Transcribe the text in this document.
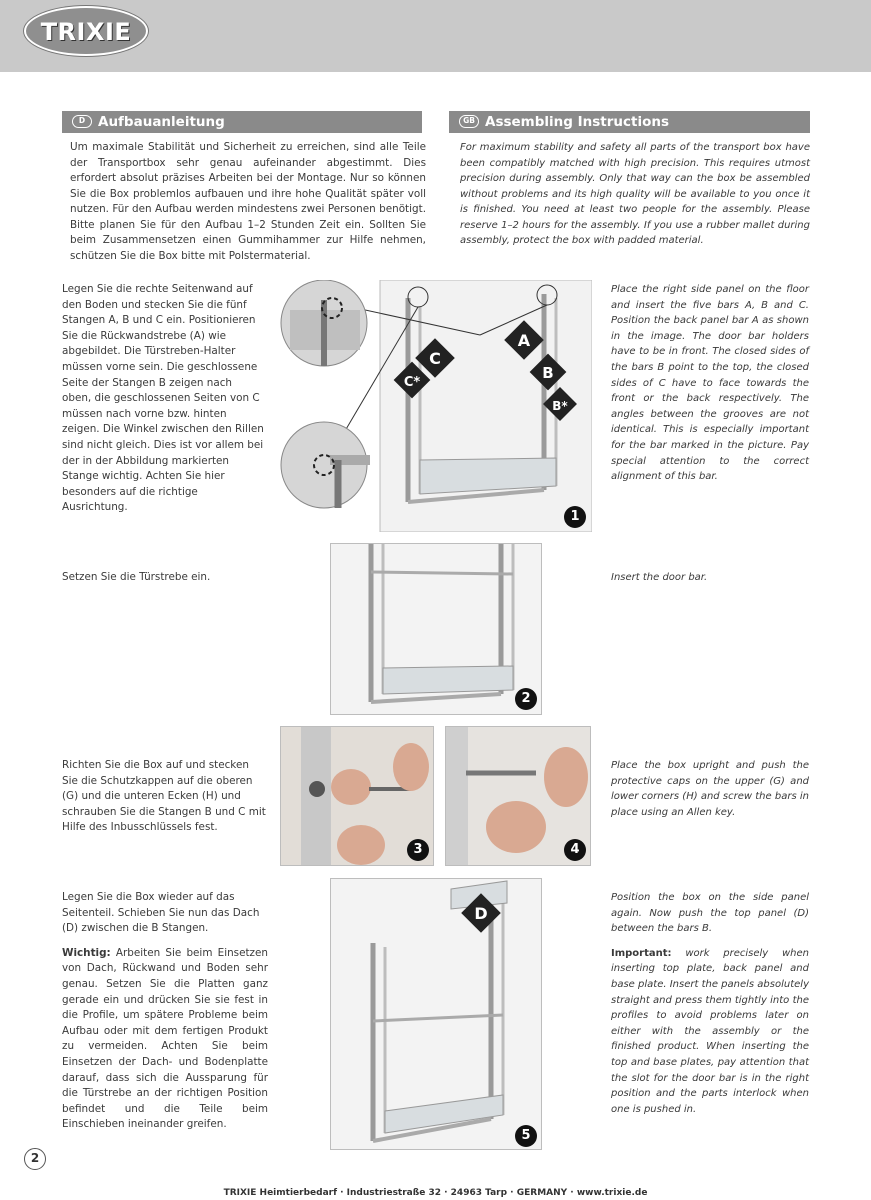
TRIXIE
D Aufbauanleitung	GB Assembling Instructions
Um maximale Stabilität und Sicherheit zu erreichen, sind alle Teile der Transportbox sehr genau aufeinander abgestimmt. Dies erfordert absolut präzises Arbeiten bei der Montage. Nur so können Sie die Box problemlos aufbauen und ihre hohe Qualität später voll nutzen. Für den Aufbau werden mindestens zwei Personen benötigt. Bitte planen Sie für den Aufbau 1–2 Stunden Zeit ein. Sollten Sie beim Zusammensetzen einen Gummihammer zur Hilfe nehmen, schützen Sie die Box bitte mit Polstermaterial.
For maximum stability and safety all parts of the transport box have been compatibly matched with high precision. This requires utmost precision during assembly. Only that way can the box be assembled without problems and its high quality will be available to you once it is finished. You need at least two people for the assembly. Please reserve 1–2 hours for the assembly. If you use a rubber mallet during assembly, protect the box with padded material.
Legen Sie die rechte Seitenwand auf den Boden und stecken Sie die fünf Stangen A, B und C ein. Positionieren Sie die Rückwandstrebe (A) wie abgebildet. Die Türstreben-Halter müssen vorne sein. Die geschlossene Seite der Stangen B zeigen nach oben, die geschlossenen Seiten von C müssen nach vorne bzw. hinten zeigen. Die Winkel zwischen den Rillen sind nicht gleich. Dies ist vor allem bei der in der Abbildung markierten Stange wichtig. Achten Sie hier besonders auf die richtige Ausrichtung.
Place the right side panel on the floor and insert the five bars A, B and C. Position the back panel bar A as shown in the image. The door bar holders have to be in front. The closed sides of the bars B point to the top, the closed sides of C have to face towards the front or the back respectively. The angles between the grooves are not identical. This is especially important for the bar marked in the picture. Pay special attention to the correct alignment of this bar.
C
C*
A
B
B*
1
Setzen Sie die Türstrebe ein.	Insert the door bar.
2
Richten Sie die Box auf und stecken Sie die Schutzkappen auf die oberen (G) und die unteren Ecken (H) und schrauben Sie die Stangen B und C mit Hilfe des Inbusschlüssels fest.
Place the box upright and push the protective caps on the upper (G) and lower corners (H) and screw the bars in place using an Allen key.
3	4

Legen Sie die Box wieder auf das Seitenteil. Schieben Sie nun das Dach (D) zwischen die B Stangen.

Wichtig: Arbeiten Sie beim Einsetzen von Dach, Rückwand und Boden sehr genau. Setzen Sie die Platten ganz gerade ein und drücken Sie sie fest in die Profile, um spätere Probleme beim Aufbau oder mit dem fertigen Produkt zu vermeiden. Achten Sie beim Einsetzen der Dach- und Bodenplatte darauf, dass sich die Aussparung für die Türstrebe an der richtigen Position befindet und die Teile beim Einschieben ineinander greifen.

Position the box on the side panel again. Now push the top panel (D) between the bars B.

Important: work precisely when inserting top plate, back panel and base plate. Insert the panels absolutely straight and press them tightly into the profiles to avoid problems later on either with the assembly or the finished product. When inserting the top and base plates, pay attention that the slot for the door bar is in the right position and the parts interlock when one is pushed in.

D
5
2
TRIXIE Heimtierbedarf · Industriestraße 32 · 24963 Tarp · GERMANY · www.trixie.de
